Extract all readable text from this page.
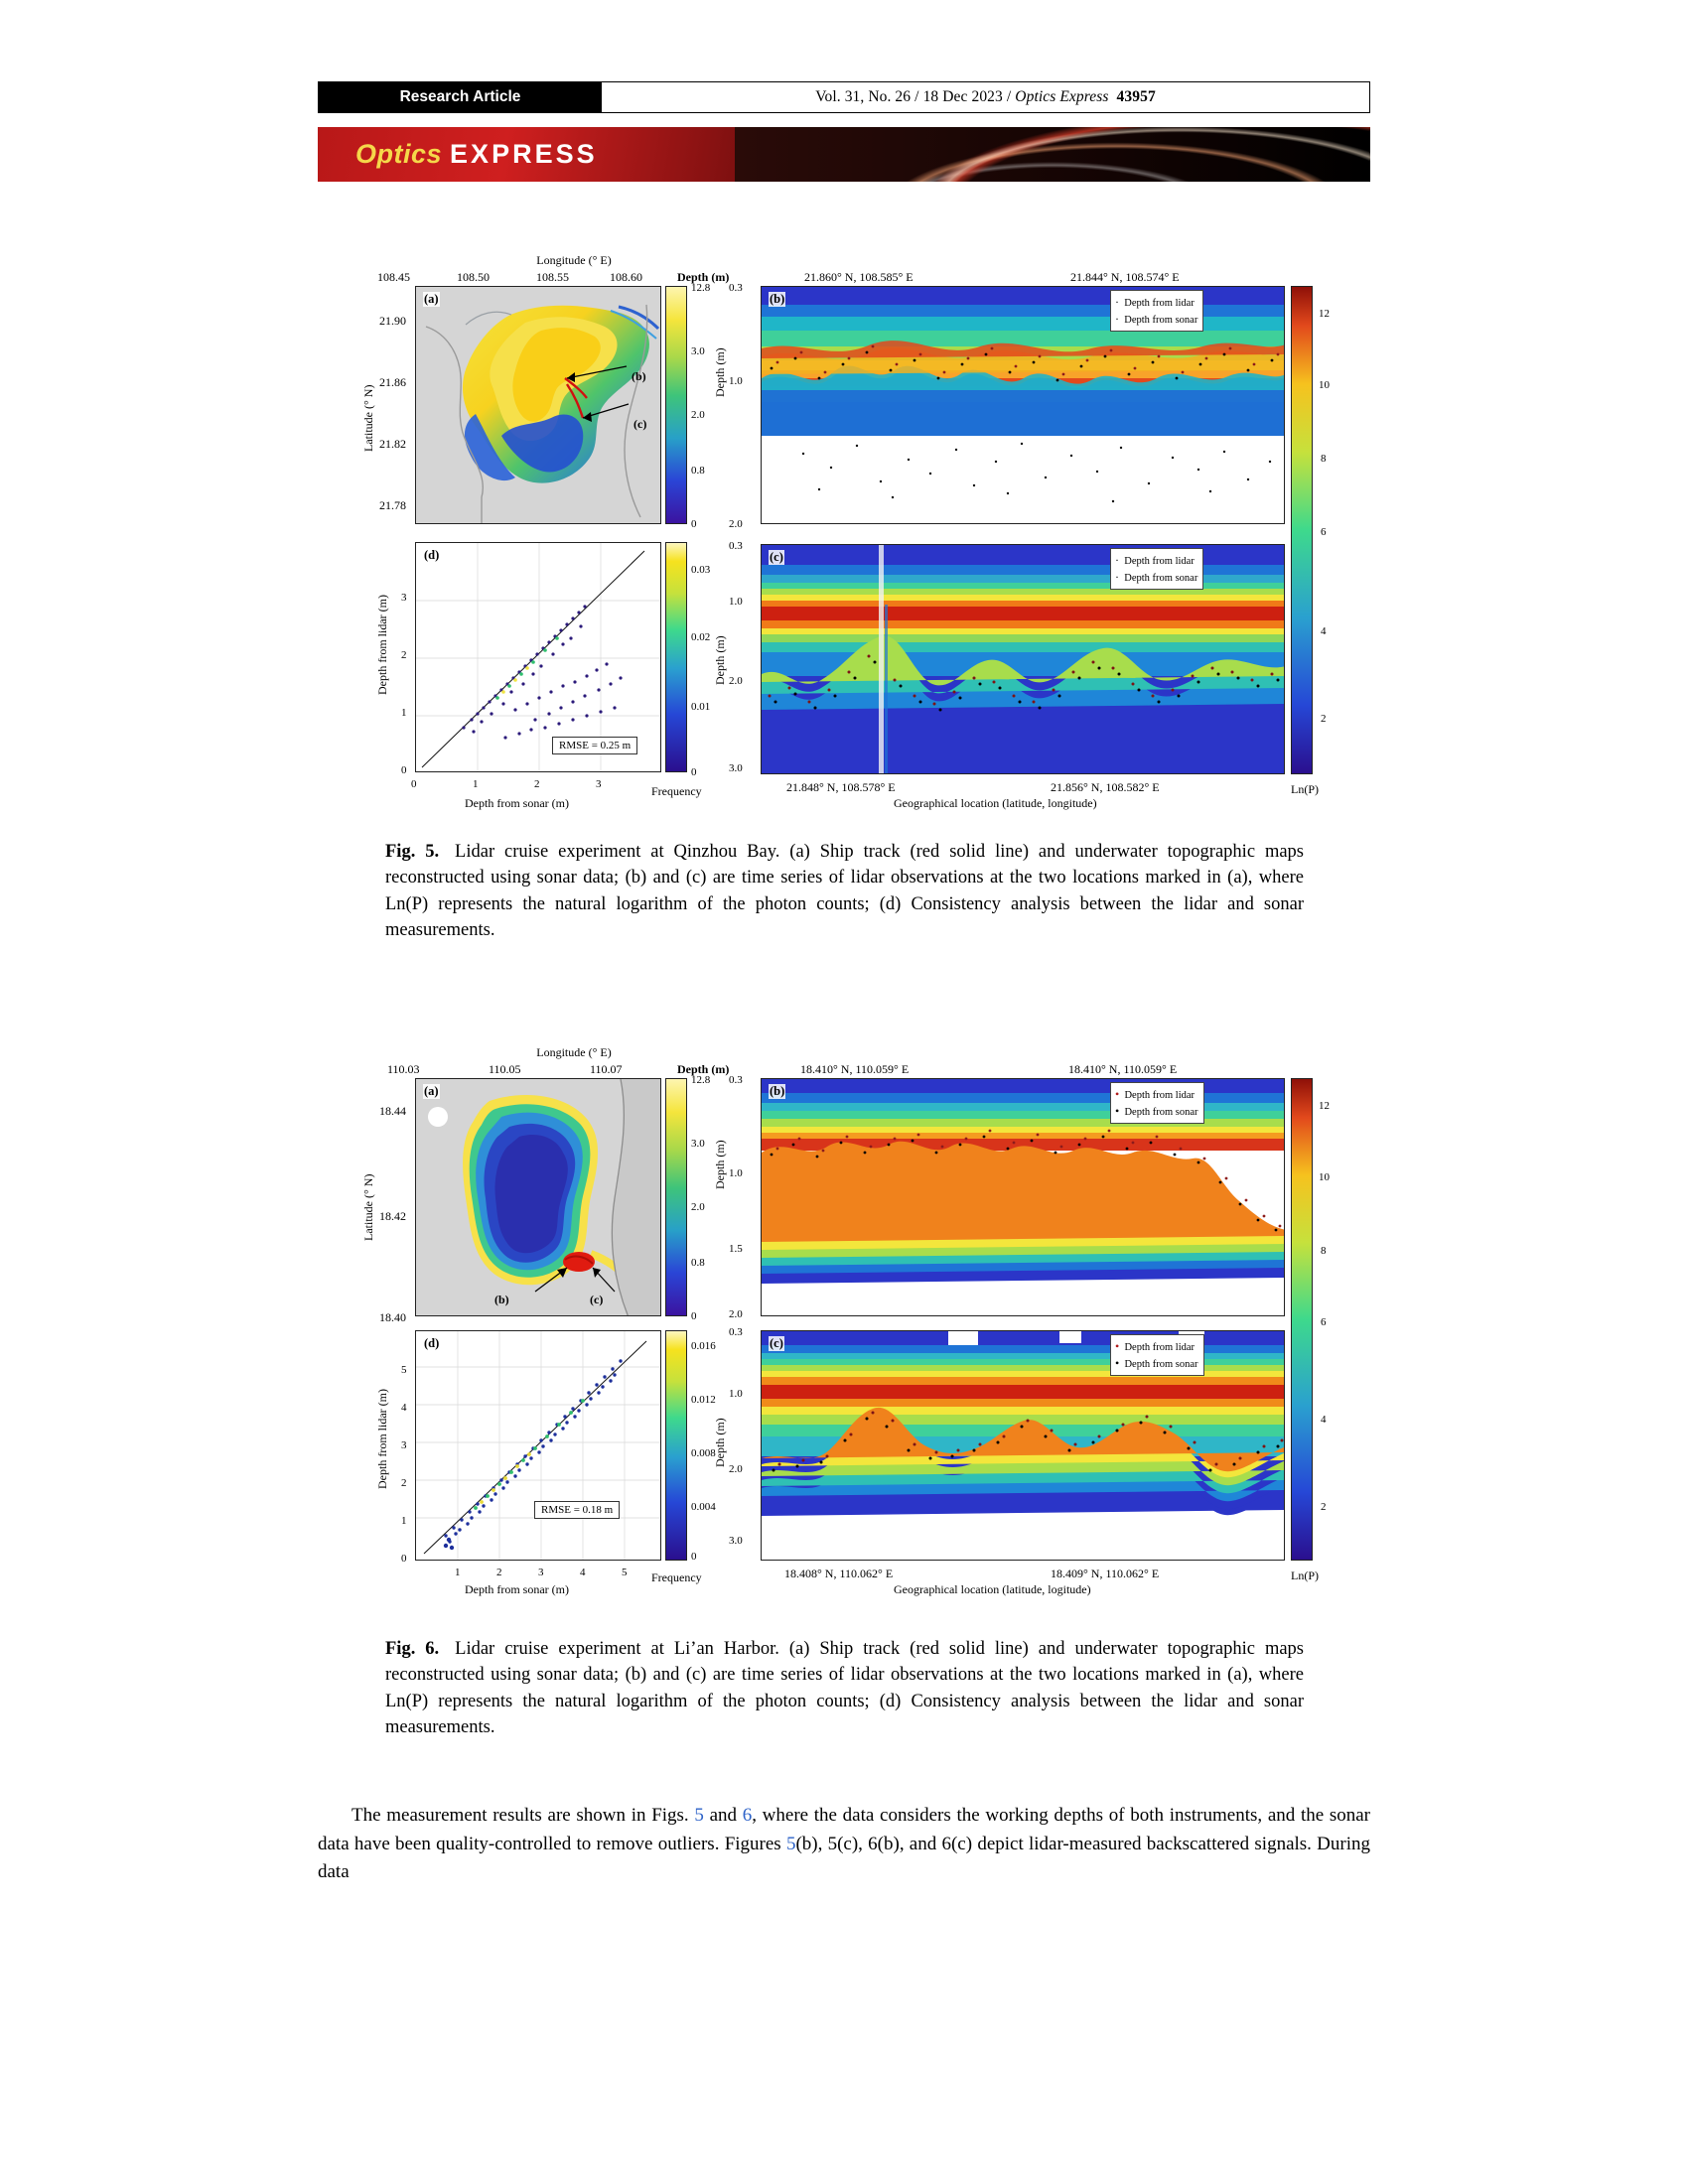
Research Article	Vol. 31, No. 26 / 18 Dec 2023 / Optics Express 43957
Optics EXPRESS
Longitude (° E)
108.45	108.50	108.55	108.60	Depth (m)
Latitude (° N)
21.90
21.86
21.82
21.78
(a)
(b)
(c)
12.8
3.0
2.0
0.8
0
21.860° N, 108.585° E	21.844° N, 108.574° E
Depth (m)
0.3
1.0
2.0
(b)	· Depth from lidar
· Depth from sonar
Depth (m)
0.3
1.0
2.0
3.0
(c)	· Depth from lidar
· Depth from sonar
21.848° N, 108.578° E	21.856° N, 108.582° E
Geographical location (latitude, longitude)
12
10
8
6
4
2
Ln(P)
(d)
RMSE = 0.25 m
Depth from lidar (m)
0
1
2
3
0	1	2	3
Depth from sonar (m)
0.03
0.02
0.01
0
Frequency
Fig. 5. Lidar cruise experiment at Qinzhou Bay. (a) Ship track (red solid line) and underwater topographic maps reconstructed using sonar data; (b) and (c) are time series of lidar observations at the two locations marked in (a), where Ln(P) represents the natural logarithm of the photon counts; (d) Consistency analysis between the lidar and sonar measurements.
Longitude (° E)
110.03	110.05	110.07	Depth (m)
Latitude (° N)
18.44
18.42
18.40
(a)
(b)	(c)
12.8
3.0
2.0
0.8
0
18.410° N, 110.059° E	18.410° N, 110.059° E
Depth (m)
0.3
1.0
1.5
2.0
(b)	• Depth from lidar
• Depth from sonar
Depth (m)
0.3
1.0
2.0
3.0
(c)	• Depth from lidar
• Depth from sonar
18.408° N, 110.062° E	18.409° N, 110.062° E
Geographical location (latitude, logitude)
12
10
8
6
4
2
Ln(P)
(d)
RMSE = 0.18 m
Depth from lidar (m)
0
1
2
3
4
5
1	2	3	4	5
Depth from sonar (m)
0.016
0.012
0.008
0.004
0
Frequency
Fig. 6. Lidar cruise experiment at Li’an Harbor. (a) Ship track (red solid line) and underwater topographic maps reconstructed using sonar data; (b) and (c) are time series of lidar observations at the two locations marked in (a), where Ln(P) represents the natural logarithm of the photon counts; (d) Consistency analysis between the lidar and sonar measurements.
The measurement results are shown in Figs. 5 and 6, where the data considers the working depths of both instruments, and the sonar data have been quality-controlled to remove outliers. Figures 5(b), 5(c), 6(b), and 6(c) depict lidar-measured backscattered signals. During data
